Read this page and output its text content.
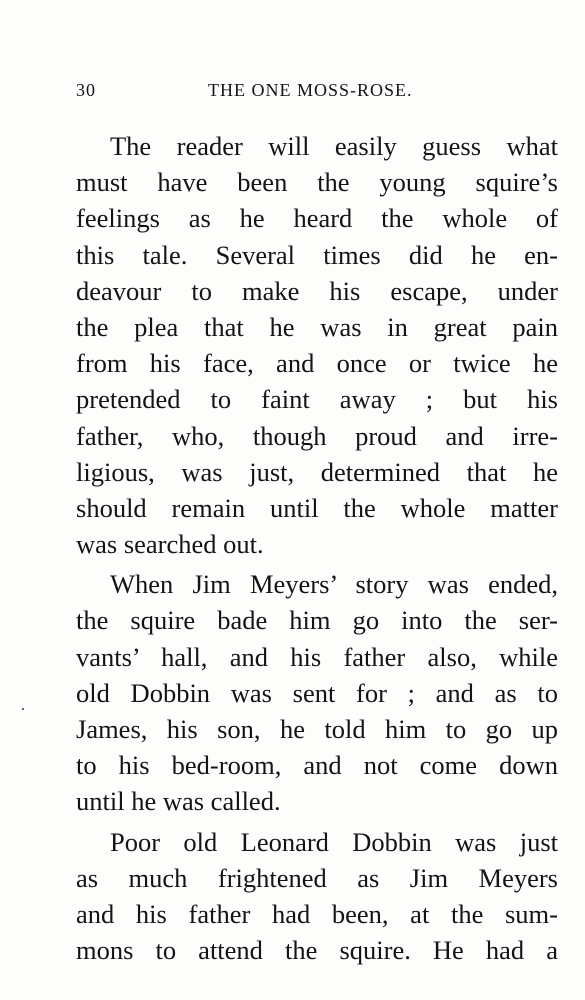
30	THE ONE MOSS-ROSE.
The reader will easily guess what
must have been the young squire’s
feelings as he heard the whole of
this tale. Several times did he en-
deavour to make his escape, under
the plea that he was in great pain
from his face, and once or twice he
pretended to faint away ; but his
father, who, though proud and irre-
ligious, was just, determined that he
should remain until the whole matter
was searched out.
When Jim Meyers’ story was ended,
the squire bade him go into the ser-
vants’ hall, and his father also, while
old Dobbin was sent for ; and as to
James, his son, he told him to go up
to his bed-room, and not come down
until he was called.
Poor old Leonard Dobbin was just
as much frightened as Jim Meyers
and his father had been, at the sum-
mons to attend the squire. He had a
